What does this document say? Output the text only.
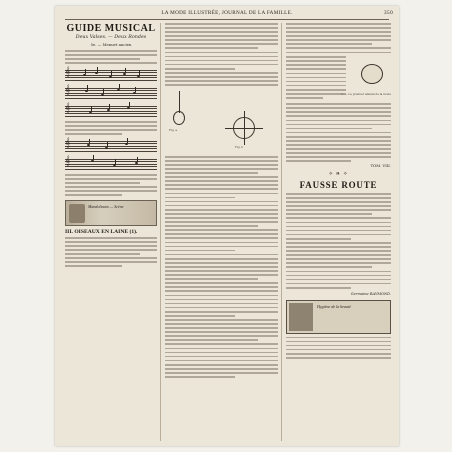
LA MODE ILLUSTRÉE, JOURNAL DE LA FAMILLE.	350
GUIDE MUSICAL
Deux Valses. — Deux Rondes
5e. — Menuet ancien
𝄞
𝄞
𝄞
𝄞
𝄞
Mandolinata — Scène
III. OISEAUX EN LAINE (1).
Fig. a
Fig. b
1. — Le premier animal de la mode
TOM. VIII.
⟡ ❧ ⟡
FAUSSE ROUTE
Germaine RAYMOND.
Hygiène de la beauté
